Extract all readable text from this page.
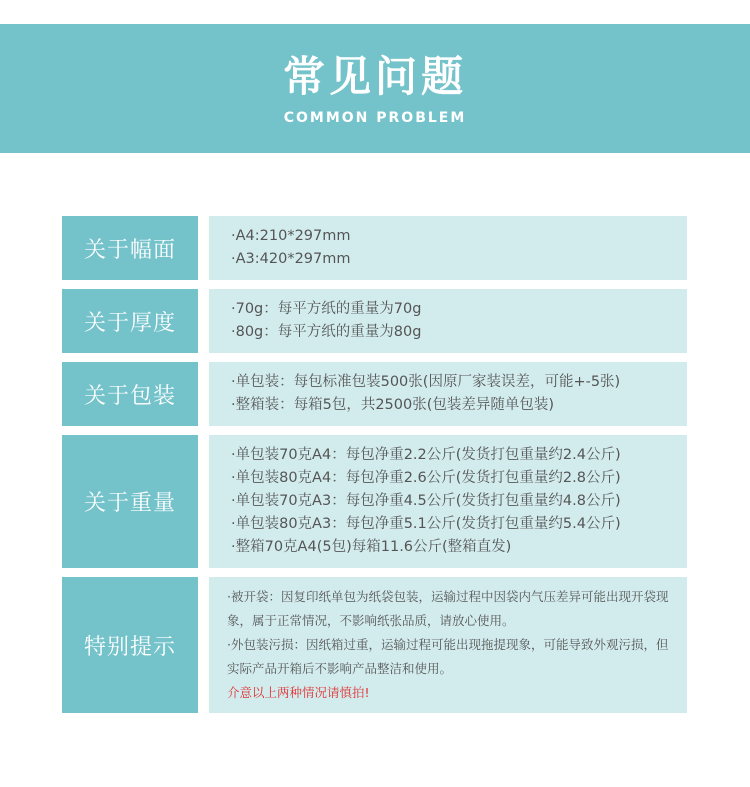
常见问题
COMMON PROBLEM
关于幅面
·A4:210*297mm
·A3:420*297mm
关于厚度
·70g：每平方纸的重量为70g
·80g：每平方纸的重量为80g
关于包装
·单包装：每包标准包装500张(因原厂家装误差，可能+-5张)
·整箱装：每箱5包，共2500张(包装差异随单包装)
关于重量
·单包装70克A4：每包净重2.2公斤(发货打包重量约2.4公斤)
·单包装80克A4：每包净重2.6公斤(发货打包重量约2.8公斤)
·单包装70克A3：每包净重4.5公斤(发货打包重量约4.8公斤)
·单包装80克A3：每包净重5.1公斤(发货打包重量约5.4公斤)
·整箱70克A4(5包)每箱11.6公斤(整箱直发)
特别提示
·被开袋：因复印纸单包为纸袋包装，运输过程中因袋内气压差异可能出现开袋现象，属于正常情况，不影响纸张品质，请放心使用。
·外包装污损：因纸箱过重，运输过程可能出现拖提现象，可能导致外观污损，但实际产品开箱后不影响产品整洁和使用。
介意以上两种情况请慎拍!
